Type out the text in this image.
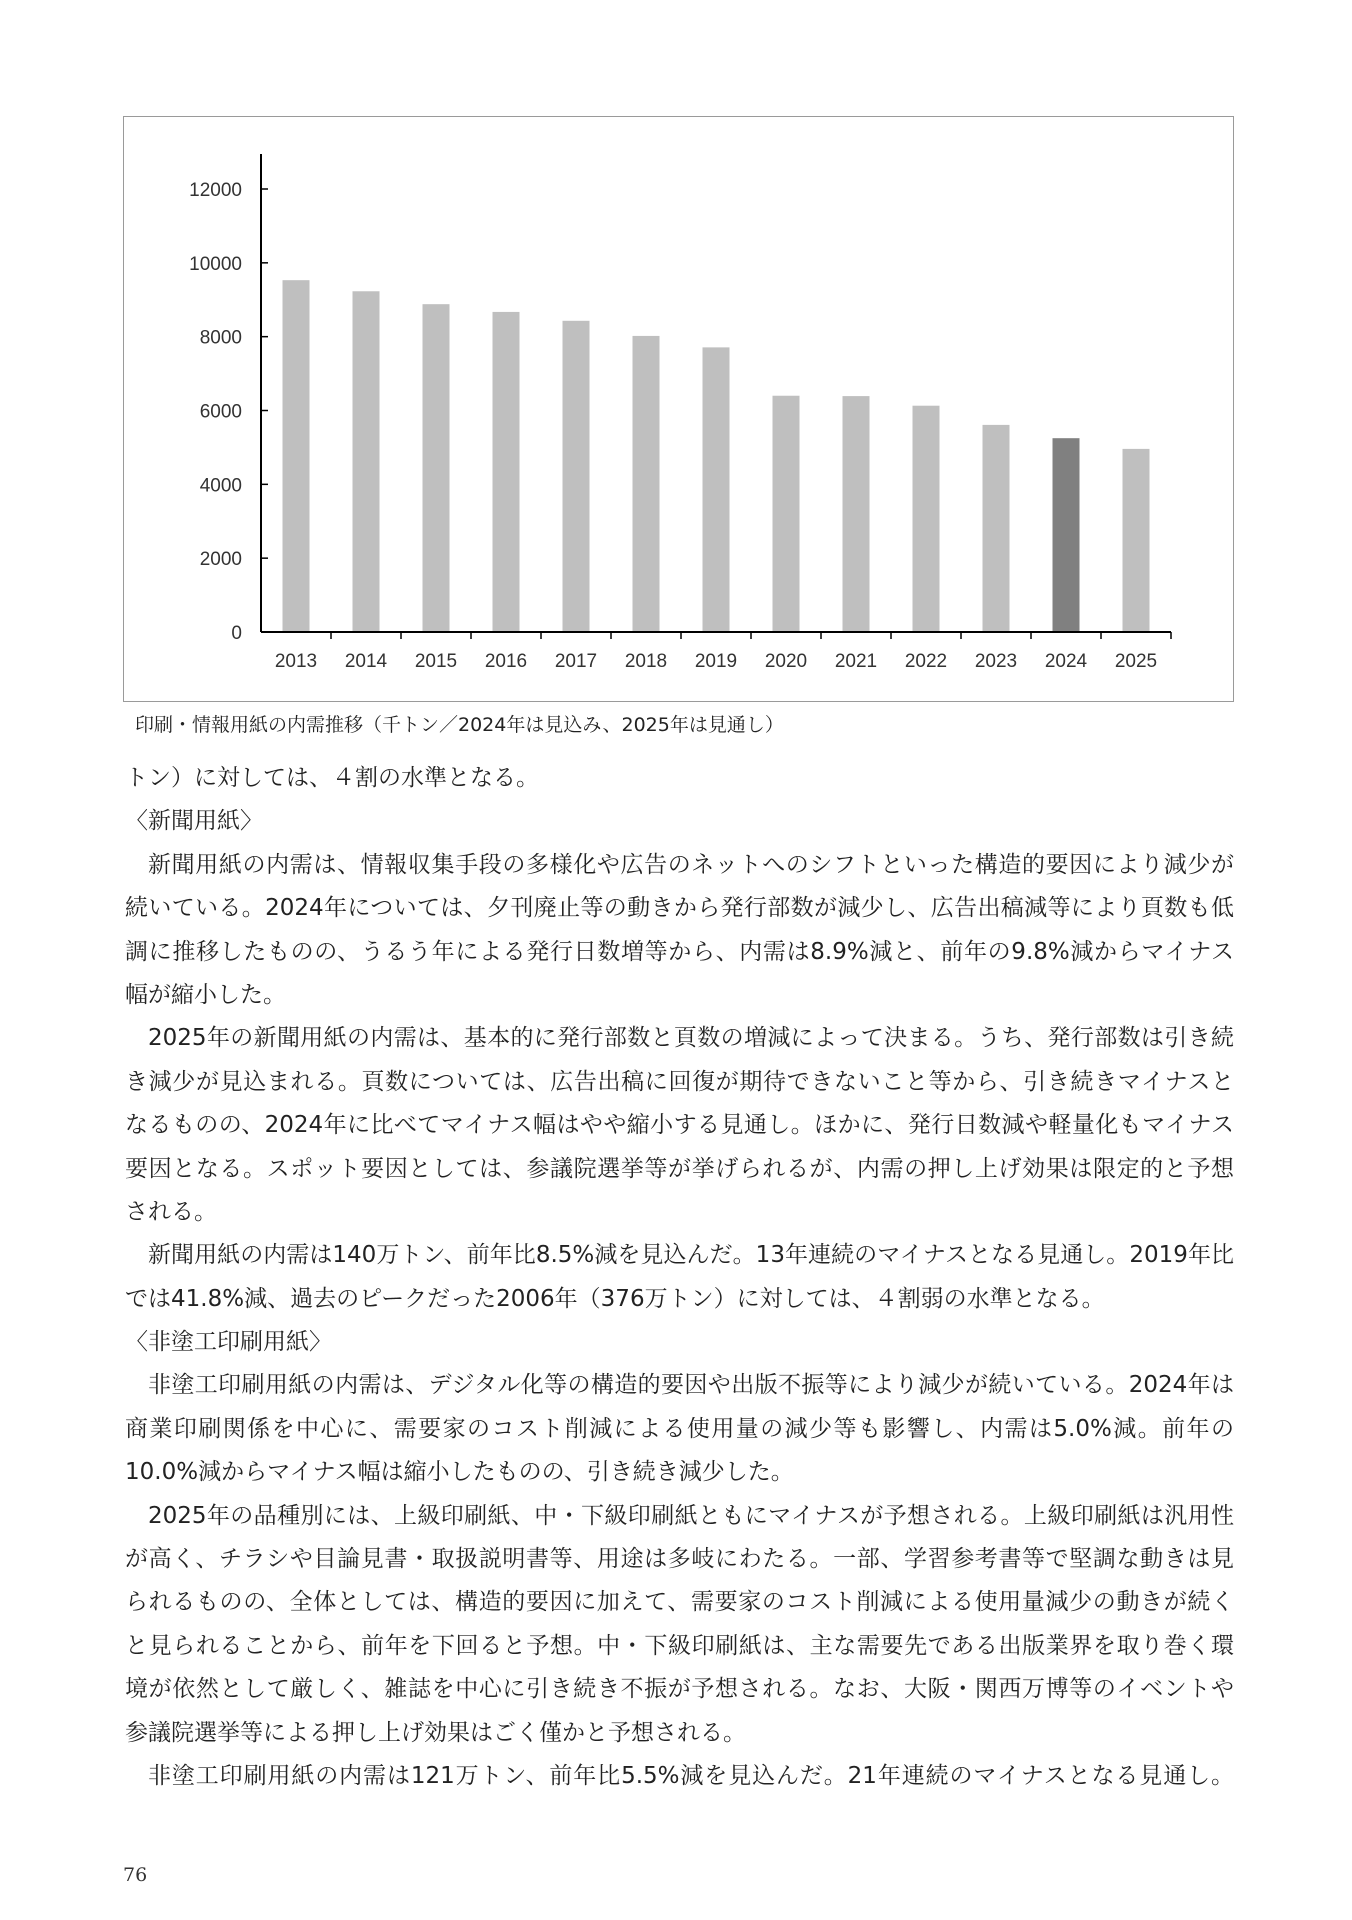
0
2000
4000
6000
8000
10000
12000
2013 2014 2015 2016 2017 2018 2019 2020 2021 2022 2023 2024 2025
印刷・情報用紙の内需推移（千トン／2024年は見込み、2025年は見通し）
トン）に対しては、４割の水準となる。
〈新聞用紙〉
新聞用紙の内需は、情報収集手段の多様化や広告のネットへのシフトといった構造的要因により減少が
続いている。2024年については、夕刊廃止等の動きから発行部数が減少し、広告出稿減等により頁数も低
調に推移したものの、うるう年による発行日数増等から、内需は8.9%減と、前年の9.8%減からマイナス
幅が縮小した。
2025年の新聞用紙の内需は、基本的に発行部数と頁数の増減によって決まる。うち、発行部数は引き続
き減少が見込まれる。頁数については、広告出稿に回復が期待できないこと等から、引き続きマイナスと
なるものの、2024年に比べてマイナス幅はやや縮小する見通し。ほかに、発行日数減や軽量化もマイナス
要因となる。スポット要因としては、参議院選挙等が挙げられるが、内需の押し上げ効果は限定的と予想
される。
新聞用紙の内需は140万トン、前年比8.5%減を見込んだ。13年連続のマイナスとなる見通し。2019年比
では41.8%減、過去のピークだった2006年（376万トン）に対しては、４割弱の水準となる。
〈非塗工印刷用紙〉
非塗工印刷用紙の内需は、デジタル化等の構造的要因や出版不振等により減少が続いている。2024年は
商業印刷関係を中心に、需要家のコスト削減による使用量の減少等も影響し、内需は5.0%減。前年の
10.0%減からマイナス幅は縮小したものの、引き続き減少した。
2025年の品種別には、上級印刷紙、中・下級印刷紙ともにマイナスが予想される。上級印刷紙は汎用性
が高く、チラシや目論見書・取扱説明書等、用途は多岐にわたる。一部、学習参考書等で堅調な動きは見
られるものの、全体としては、構造的要因に加えて、需要家のコスト削減による使用量減少の動きが続く
と見られることから、前年を下回ると予想。中・下級印刷紙は、主な需要先である出版業界を取り巻く環
境が依然として厳しく、雑誌を中心に引き続き不振が予想される。なお、大阪・関西万博等のイベントや
参議院選挙等による押し上げ効果はごく僅かと予想される。
非塗工印刷用紙の内需は121万トン、前年比5.5%減を見込んだ。21年連続のマイナスとなる見通し。
76
